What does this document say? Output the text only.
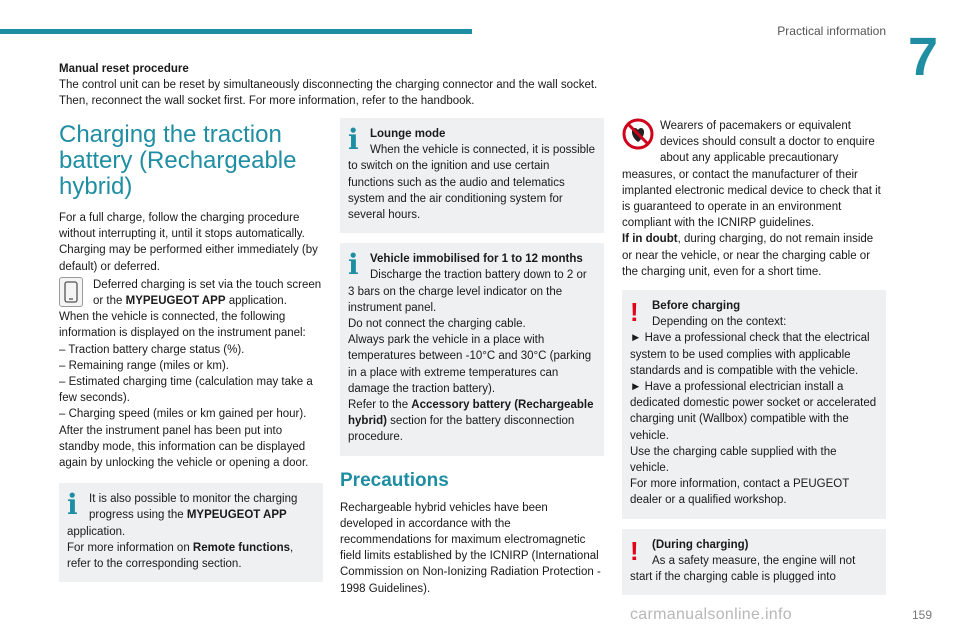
Practical information 7

Manual reset procedure

The control unit can be reset by simultaneously disconnecting the charging connector and the wall socket.

Then, reconnect the wall socket first. For more information, refer to the handbook.

Charging the traction battery (Rechargeable hybrid)

For a full charge, follow the charging procedure without interrupting it, until it stops automatically. Charging may be performed either immediately (by default) or deferred.

Deferred charging is set via the touch screen or the MYPEUGEOT APP application.

When the vehicle is connected, the following information is displayed on the instrument panel:

– Traction battery charge status (%).

– Remaining range (miles or km).

– Estimated charging time (calculation may take a few seconds).

– Charging speed (miles or km gained per hour).

After the instrument panel has been put into standby mode, this information can be displayed again by unlocking the vehicle or opening a door.

i It is also possible to monitor the charging progress using the MYPEUGEOT APP application.

For more information on Remote functions, refer to the corresponding section.

i Lounge mode

When the vehicle is connected, it is possible to switch on the ignition and use certain functions such as the audio and telematics system and the air conditioning system for several hours.

i Vehicle immobilised for 1 to 12 months

Discharge the traction battery down to 2 or 3 bars on the charge level indicator on the instrument panel.

Do not connect the charging cable.

Always park the vehicle in a place with temperatures between -10°C and 30°C (parking in a place with extreme temperatures can damage the traction battery).

Refer to the Accessory battery (Rechargeable hybrid) section for the battery disconnection procedure.

Precautions

Rechargeable hybrid vehicles have been developed in accordance with the recommendations for maximum electromagnetic field limits established by the ICNIRP (International Commission on Non-Ionizing Radiation Protection - 1998 Guidelines).

Wearers of pacemakers or equivalent devices should consult a doctor to enquire about any applicable precautionary measures, or contact the manufacturer of their implanted electronic medical device to check that it is guaranteed to operate in an environment compliant with the ICNIRP guidelines.

If in doubt, during charging, do not remain inside or near the vehicle, or near the charging cable or the charging unit, even for a short time.

!	Before charging

Depending on the context:

► Have a professional check that the electrical system to be used complies with applicable standards and is compatible with the vehicle.

► Have a professional electrician install a dedicated domestic power socket or accelerated charging unit (Wallbox) compatible with the vehicle.

Use the charging cable supplied with the vehicle.

For more information, contact a PEUGEOT dealer or a qualified workshop.

!	(During charging)

As a safety measure, the engine will not start if the charging cable is plugged into

159
carmanualsonline.info
